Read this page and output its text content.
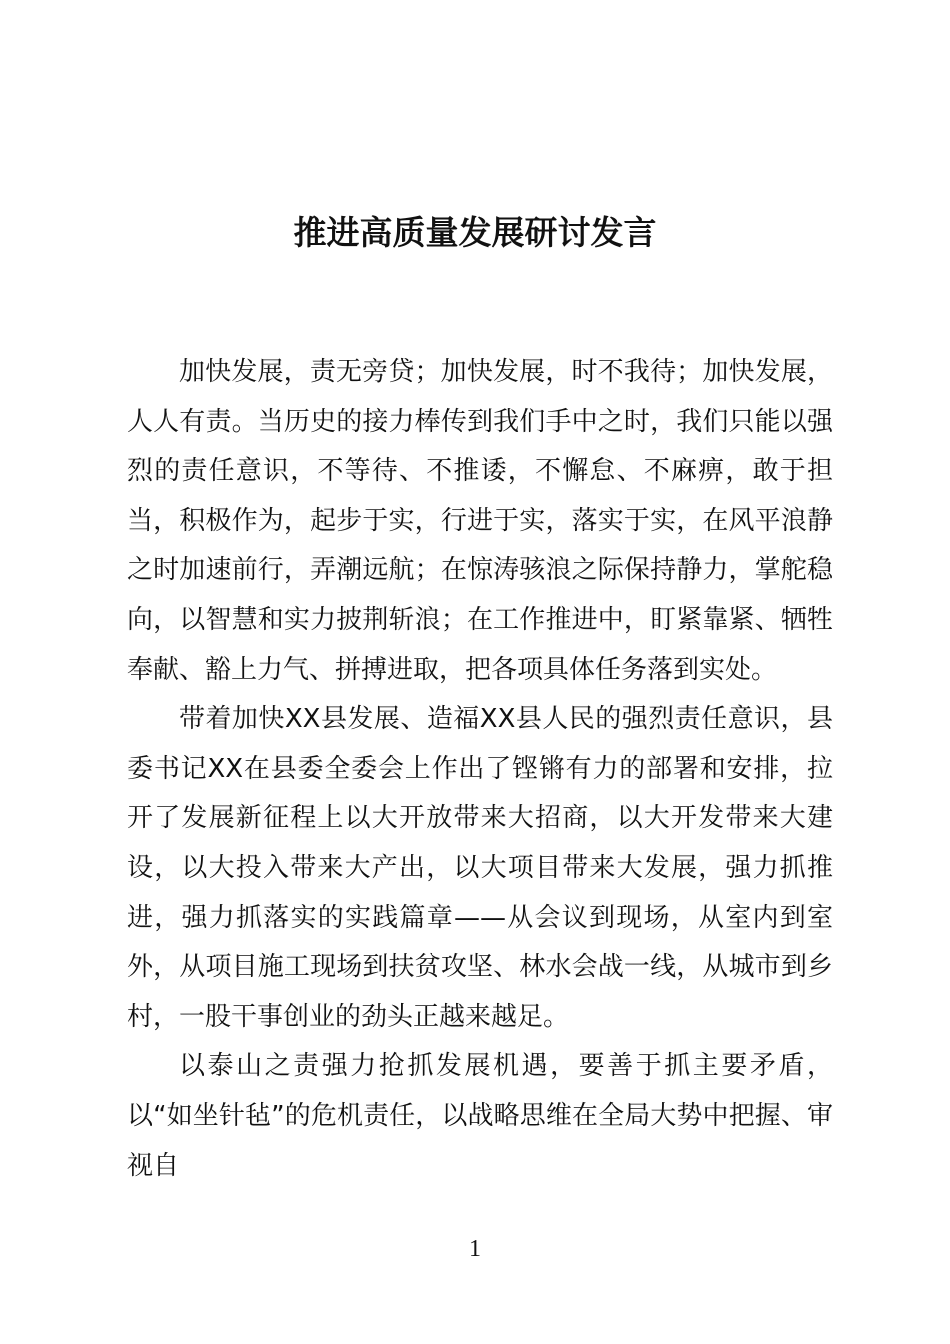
推进高质量发展研讨发言

加快发展，责无旁贷；加快发展，时不我待；加快发展，人人有责。当历史的接力棒传到我们手中之时，我们只能以强烈的责任意识，不等待、不推诿，不懈怠、不麻痹，敢于担当，积极作为，起步于实，行进于实，落实于实，在风平浪静之时加速前行，弄潮远航；在惊涛骇浪之际保持静力，掌舵稳向，以智慧和实力披荆斩浪；在工作推进中，盯紧靠紧、牺牲奉献、豁上力气、拼搏进取，把各项具体任务落到实处。

带着加快XX县发展、造福XX县人民的强烈责任意识，县委书记XX在县委全委会上作出了铿锵有力的部署和安排，拉开了发展新征程上以大开放带来大招商，以大开发带来大建设，以大投入带来大产出，以大项目带来大发展，强力抓推进，强力抓落实的实践篇章——从会议到现场，从室内到室外，从项目施工现场到扶贫攻坚、林水会战一线，从城市到乡村，一股干事创业的劲头正越来越足。

以泰山之责强力抢抓发展机遇，要善于抓主要矛盾，以“如坐针毡”的危机责任，以战略思维在全局大势中把握、审视自

1
